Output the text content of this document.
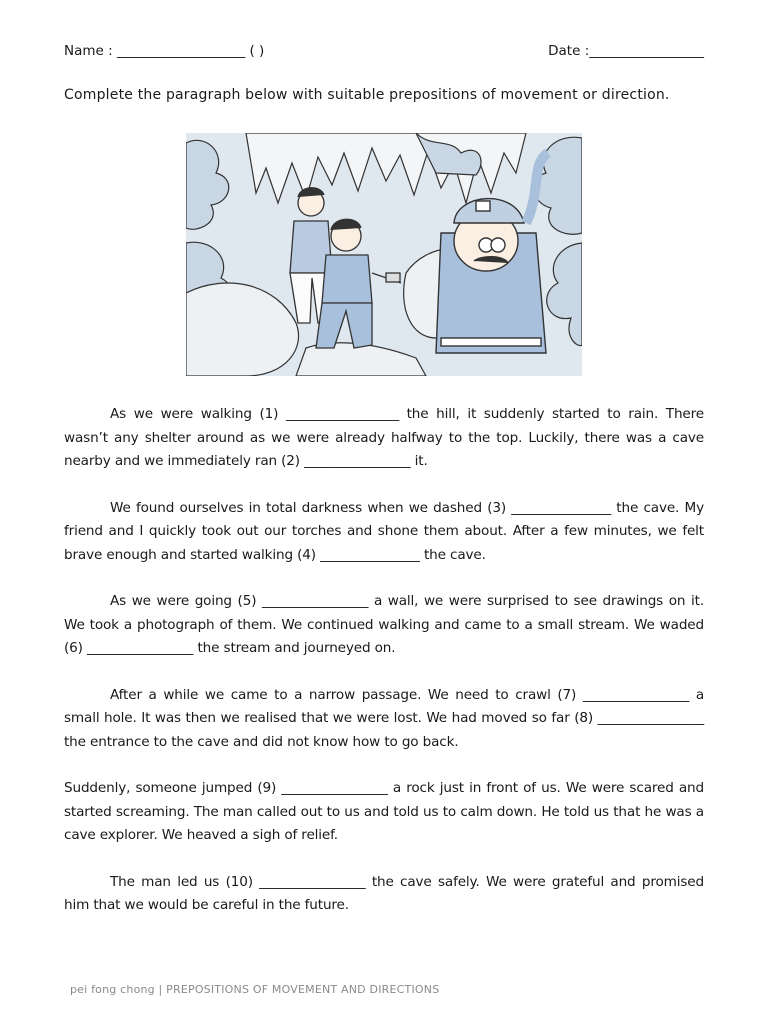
Name : ___________________ ( )	Date :_________________
Complete the paragraph below with suitable prepositions of movement or direction.

As we were walking (1) _________________ the hill, it suddenly started to rain. There wasn’t any shelter around as we were already halfway to the top. Luckily, there was a cave nearby and we immediately ran (2) ________________ it.

We found ourselves in total darkness when we dashed (3) _______________ the cave. My friend and I quickly took out our torches and shone them about. After a few minutes, we felt brave enough and started walking (4) _______________ the cave.

As we were going (5) ________________ a wall, we were surprised to see drawings on it. We took a photograph of them. We continued walking and came to a small stream. We waded (6) ________________ the stream and journeyed on.

After a while we came to a narrow passage. We need to crawl (7) ________________ a small hole. It was then we realised that we were lost. We had moved so far (8) ________________ the entrance to the cave and did not know how to go back.

Suddenly, someone jumped (9) ________________ a rock just in front of us. We were scared and started screaming. The man called out to us and told us to calm down. He told us that he was a cave explorer. We heaved a sigh of relief.

The man led us (10) ________________ the cave safely. We were grateful and promised him that we would be careful in the future.

pei fong chong | PREPOSITIONS OF MOVEMENT AND DIRECTIONS
